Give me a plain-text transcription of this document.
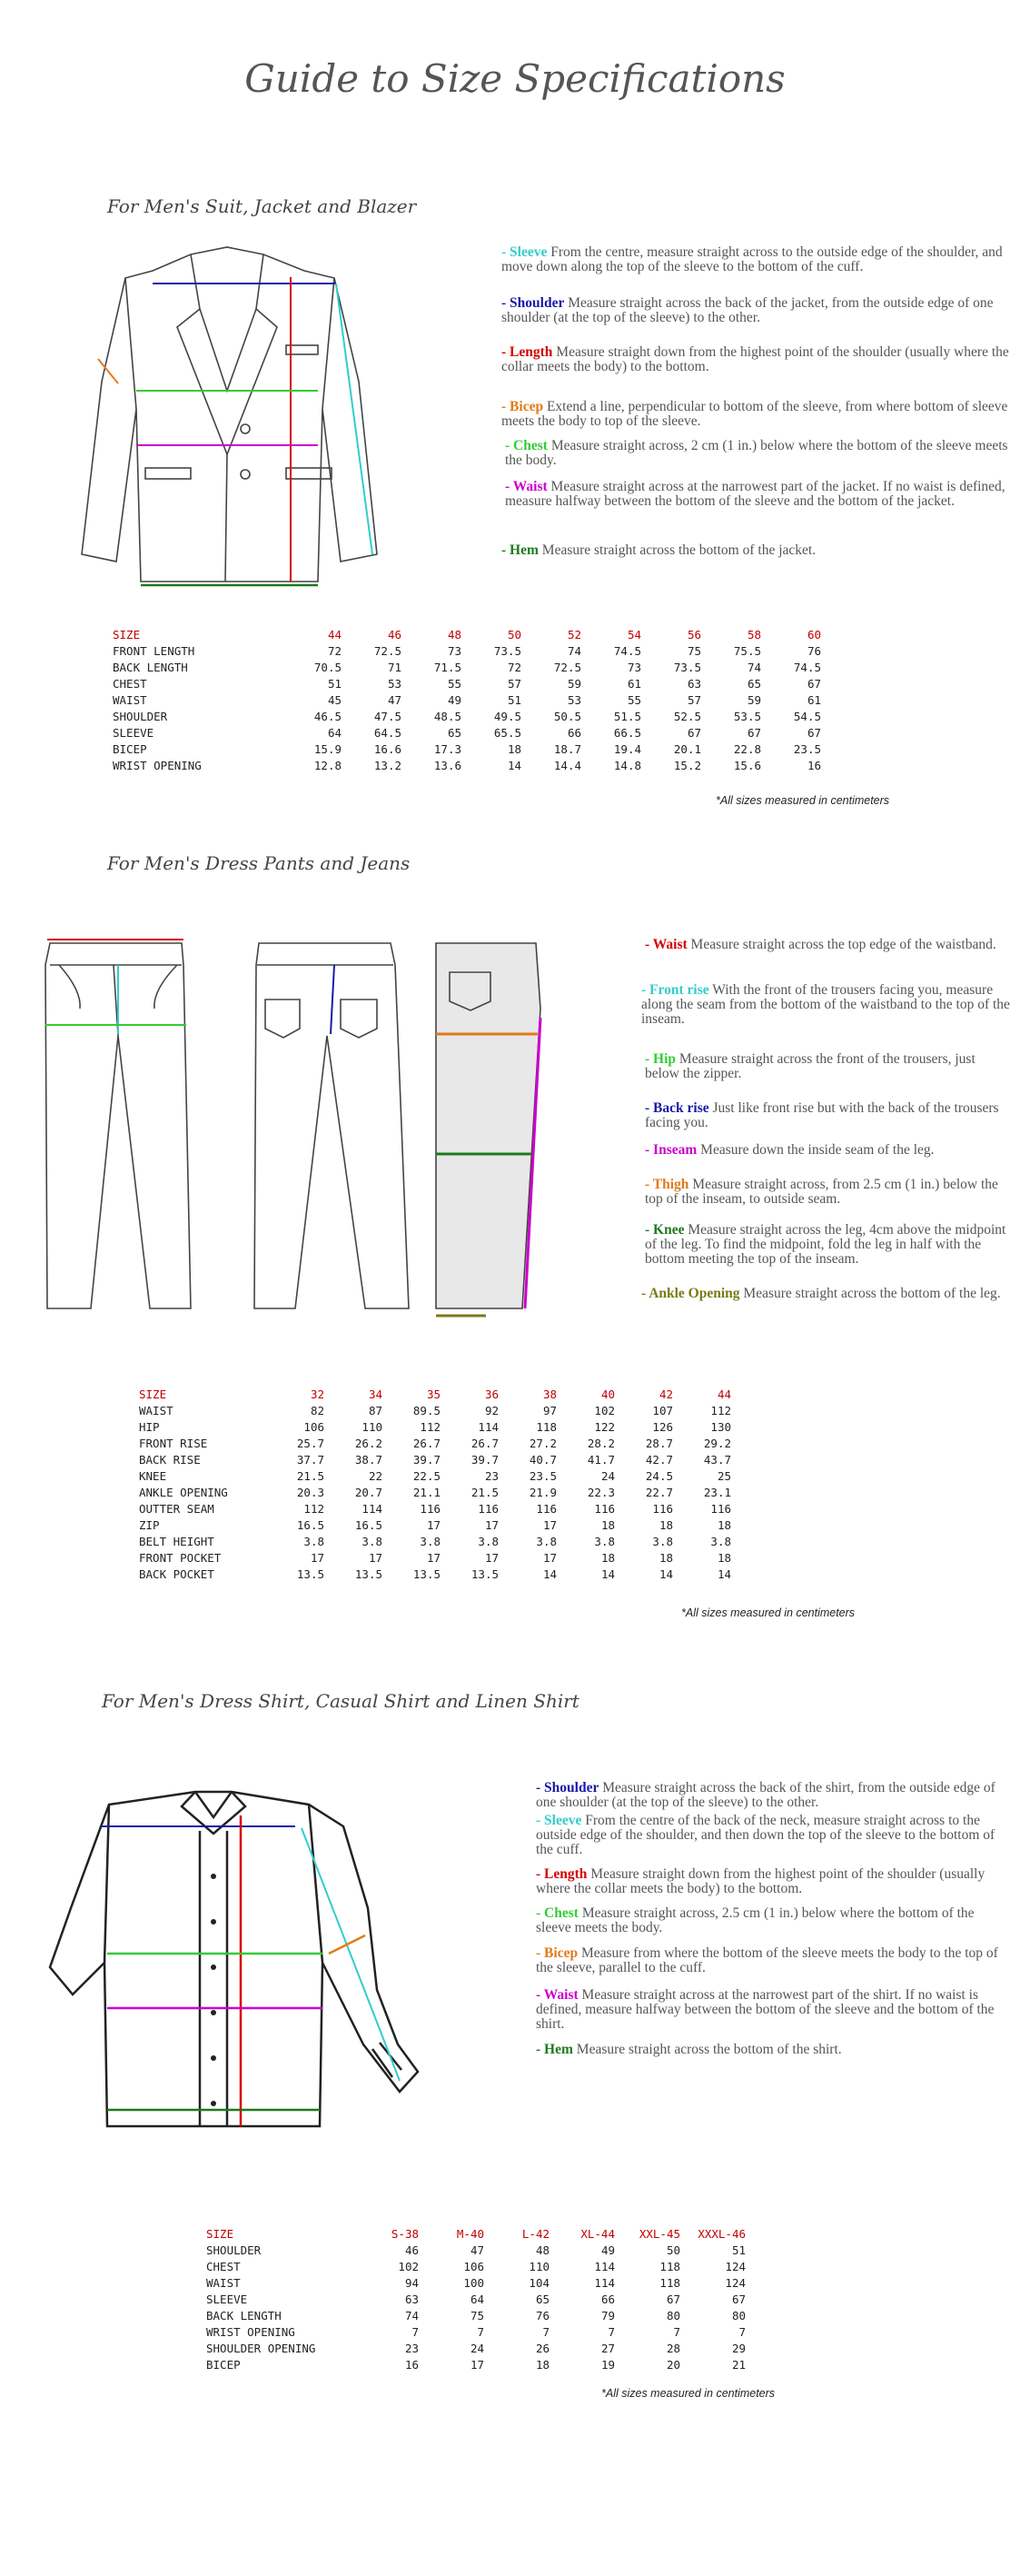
Guide to Size Specifications
For Men's Suit, Jacket and Blazer
- Sleeve From the centre, measure straight across to the outside edge of the shoulder, and move down along the top of the sleeve to the bottom of the cuff.
- Shoulder Measure straight across the back of the jacket, from the outside edge of one shoulder (at the top of the sleeve) to the other.
- Length Measure straight down from the highest point of the shoulder (usually where the collar meets the body) to the bottom.
- Bicep Extend a line, perpendicular to bottom of the sleeve, from where bottom of sleeve meets the body to top of the sleeve.
- Chest Measure straight across, 2 cm (1 in.) below where the bottom of the sleeve meets the body.
- Waist Measure straight across at the narrowest part of the jacket. If no waist is defined, measure halfway between the bottom of the sleeve and the bottom of the jacket.
- Hem Measure straight across the bottom of the jacket.
SIZE	44	46	48	50	52	54	56	58	60
FRONT LENGTH	72	72.5	73	73.5	74	74.5	75	75.5	76
BACK LENGTH	70.5	71	71.5	72	72.5	73	73.5	74	74.5
CHEST	51	53	55	57	59	61	63	65	67
WAIST	45	47	49	51	53	55	57	59	61
SHOULDER	46.5	47.5	48.5	49.5	50.5	51.5	52.5	53.5	54.5
SLEEVE	64	64.5	65	65.5	66	66.5	67	67	67
BICEP	15.9	16.6	17.3	18	18.7	19.4	20.1	22.8	23.5
WRIST OPENING	12.8	13.2	13.6	14	14.4	14.8	15.2	15.6	16
*All sizes measured in centimeters
For Men's Dress Pants and Jeans
- Waist Measure straight across the top edge of the waistband.
- Front rise With the front of the trousers facing you, measure along the seam from the bottom of the waistband to the top of the inseam.
- Hip Measure straight across the front of the trousers, just below the zipper.
- Back rise Just like front rise but with the back of the trousers facing you.
- Inseam Measure down the inside seam of the leg.
- Thigh Measure straight across, from 2.5 cm (1 in.) below the top of the inseam, to outside seam.
- Knee Measure straight across the leg, 4cm above the midpoint of the leg. To find the midpoint, fold the leg in half with the bottom meeting the top of the inseam.
- Ankle Opening Measure straight across the bottom of the leg.
SIZE	32	34	35	36	38	40	42	44
WAIST	82	87	89.5	92	97	102	107	112
HIP	106	110	112	114	118	122	126	130
FRONT RISE	25.7	26.2	26.7	26.7	27.2	28.2	28.7	29.2
BACK RISE	37.7	38.7	39.7	39.7	40.7	41.7	42.7	43.7
KNEE	21.5	22	22.5	23	23.5	24	24.5	25
ANKLE OPENING	20.3	20.7	21.1	21.5	21.9	22.3	22.7	23.1
OUTTER SEAM	112	114	116	116	116	116	116	116
ZIP	16.5	16.5	17	17	17	18	18	18
BELT HEIGHT	3.8	3.8	3.8	3.8	3.8	3.8	3.8	3.8
FRONT POCKET	17	17	17	17	17	18	18	18
BACK POCKET	13.5	13.5	13.5	13.5	14	14	14	14
*All sizes measured in centimeters
For Men's Dress Shirt, Casual Shirt and Linen Shirt
- Shoulder Measure straight across the back of the shirt, from the outside edge of one shoulder (at the top of the sleeve) to the other.
- Sleeve From the centre of the back of the neck, measure straight across to the outside edge of the shoulder, and then down the top of the sleeve to the bottom of the cuff.
- Length Measure straight down from the highest point of the shoulder (usually where the collar meets the body) to the bottom.
- Chest Measure straight across, 2.5 cm (1 in.) below where the bottom of the sleeve meets the body.
- Bicep Measure from where the bottom of the sleeve meets the body to the top of the sleeve, parallel to the cuff.
- Waist Measure straight across at the narrowest part of the shirt. If no waist is defined, measure halfway between the bottom of the sleeve and the bottom of the shirt.
- Hem Measure straight across the bottom of the shirt.
SIZE	S-38	M-40	L-42	XL-44	XXL-45	XXXL-46
SHOULDER	46	47	48	49	50	51
CHEST	102	106	110	114	118	124
WAIST	94	100	104	114	118	124
SLEEVE	63	64	65	66	67	67
BACK LENGTH	74	75	76	79	80	80
WRIST OPENING	7	7	7	7	7	7
SHOULDER OPENING	23	24	26	27	28	29
BICEP	16	17	18	19	20	21
*All sizes measured in centimeters
